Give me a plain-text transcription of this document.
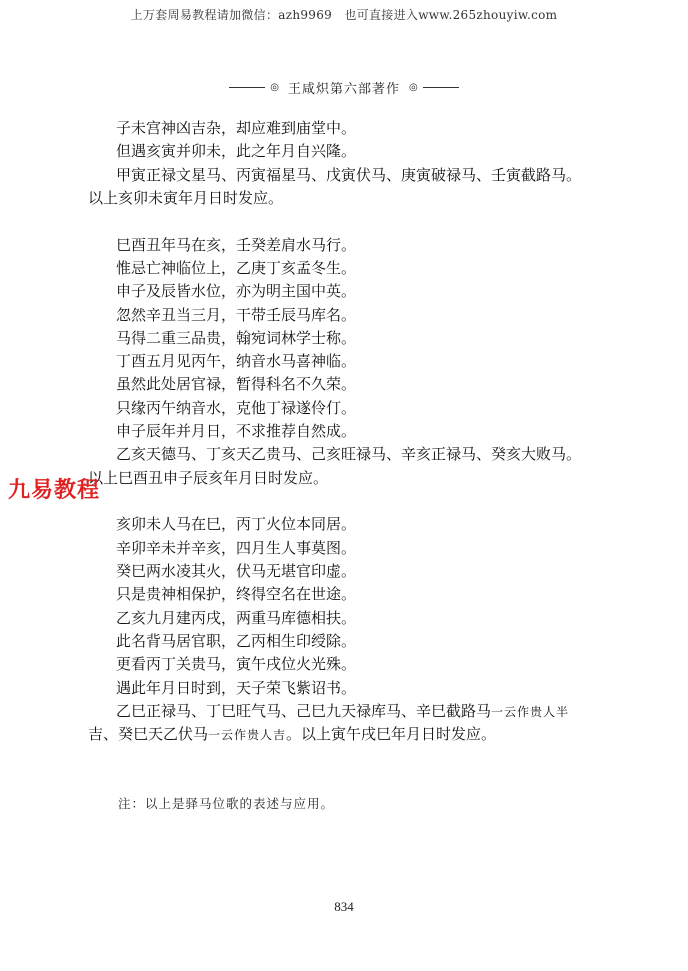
上万套周易教程请加微信：azh9969　也可直接进入www.265zhouyiw.com
◎ 王咸炽第六部著作 ◎
子未宫神凶吉杂，却应难到庙堂中。
但遇亥寅并卯未，此之年月自兴隆。
甲寅正禄文星马、丙寅福星马、戊寅伏马、庚寅破禄马、壬寅截路马。
以上亥卯未寅年月日时发应。
巳酉丑年马在亥，壬癸差肩水马行。
惟忌亡神临位上，乙庚丁亥孟冬生。
申子及辰皆水位，亦为明主国中英。
忽然辛丑当三月，干带壬辰马库名。
马得二重三品贵，翰宛词林学士称。
丁酉五月见丙午，纳音水马喜神临。
虽然此处居官禄，暂得科名不久荣。
只缘丙午纳音水，克他丁禄遂伶仃。
申子辰年并月日，不求推荐自然成。
乙亥天德马、丁亥天乙贵马、己亥旺禄马、辛亥正禄马、癸亥大败马。
以上巳酉丑申子辰亥年月日时发应。
亥卯未人马在巳，丙丁火位本同居。
辛卯辛未并辛亥，四月生人事莫图。
癸巳两水凌其火，伏马无堪官印虚。
只是贵神相保护，终得空名在世途。
乙亥九月建丙戌，两重马库德相扶。
此名背马居官职，乙丙相生印绶除。
更看丙丁关贵马，寅午戌位火光殊。
遇此年月日时到，天子荣飞紫诏书。
乙巳正禄马、丁巳旺气马、己巳九天禄库马、辛巳截路马一云作贵人半
吉、癸巳天乙伏马一云作贵人吉。以上寅午戌巳年月日时发应。
注：以上是驿马位歌的表述与应用。
834
九易教程
